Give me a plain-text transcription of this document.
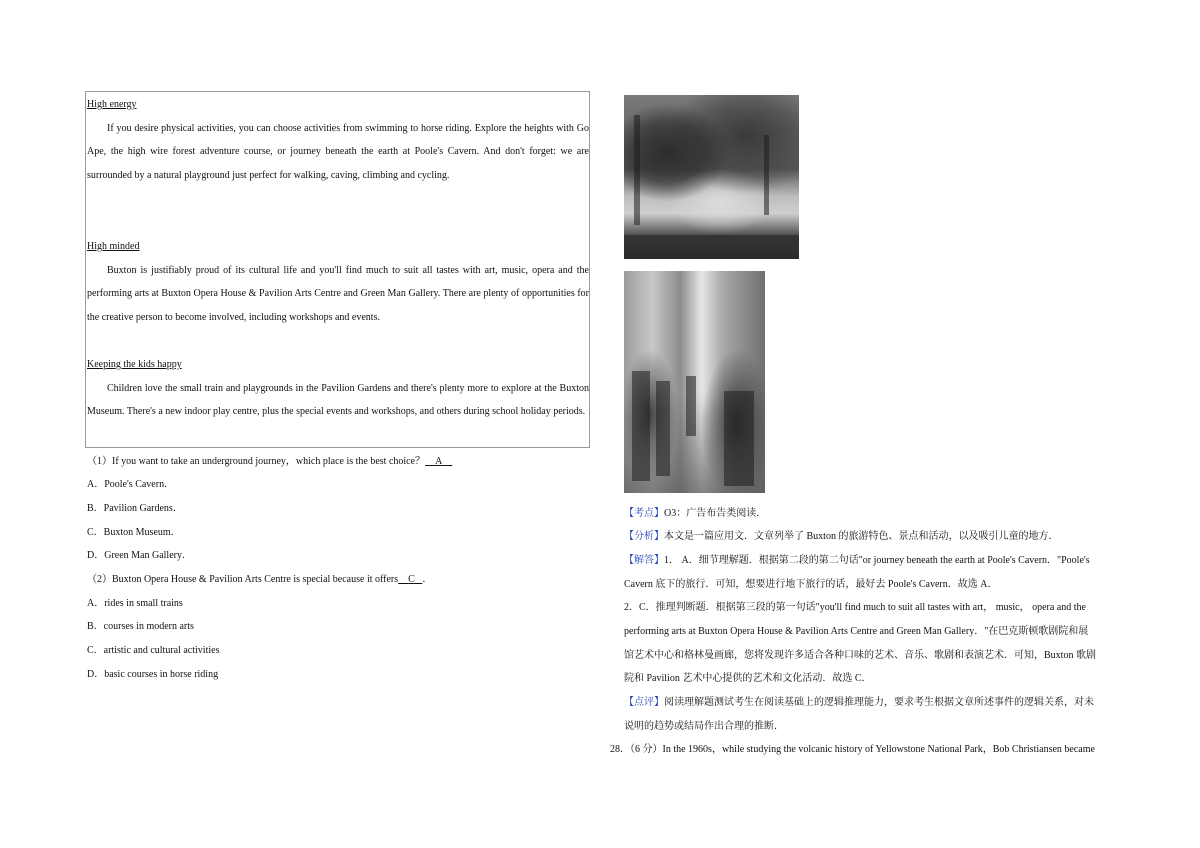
High energy

If you desire physical activities, you can choose activities from swimming to horse riding. Explore the heights with Go Ape, the high wire forest adventure course, or journey beneath the earth at Poole's Cavern. And don't forget: we are surrounded by a natural playground just perfect for walking, caving, climbing and cycling.

High minded

Buxton is justifiably proud of its cultural life and you'll find much to suit all tastes with art, music, opera and the performing arts at Buxton Opera House & Pavilion Arts Centre and Green Man Gallery. There are plenty of opportunities for the creative person to become involved, including workshops and events.

Keeping the kids happy

Children love the small train and playgrounds in the Pavilion Gardens and there's plenty more to explore at the Buxton Museum. There's a new indoor play centre, plus the special events and workshops, and others during school holiday periods.

（1）If you want to take an underground journey，which place is the best choice？ A
A．Poole's Cavern．
B．Pavilion Gardens．
C．Buxton Museum．
D．Green Man Gallery．
（2）Buxton Opera House & Pavilion Arts Centre is special because it offers C ．
A．rides in small trains
B．courses in modern arts
C．artistic and cultural activities
D．basic courses in horse riding
【考点】O3：广告布告类阅读．
【分析】本文是一篇应用文．文章列举了 Buxton 的旅游特色、景点和活动，以及吸引儿童的地方．
【解答】1． A．细节理解题．根据第二段的第二句话"or journey beneath the earth at Poole's Cavern．"Poole's
Cavern 底下的旅行．可知，想要进行地下旅行的话，最好去 Poole's Cavern．故选 A．
2．C．推理判断题．根据第三段的第一句话"you'll find much to suit all tastes with art， music， opera and the
performing arts at Buxton Opera House & Pavilion Arts Centre and Green Man Gallery．"在巴克斯顿歌剧院和展
馆艺术中心和格林曼画廊，您将发现许多适合各种口味的艺术、音乐、歌剧和表演艺术．可知，Buxton 歌剧
院和 Pavilion 艺术中心提供的艺术和文化活动．故选 C．
【点评】阅读理解题测试考生在阅读基础上的逻辑推理能力，要求考生根据文章所述事件的逻辑关系，对未
说明的趋势或结局作出合理的推断．
28．（6 分）In the 1960s，while studying the volcanic history of Yellowstone National Park，Bob Christiansen became
